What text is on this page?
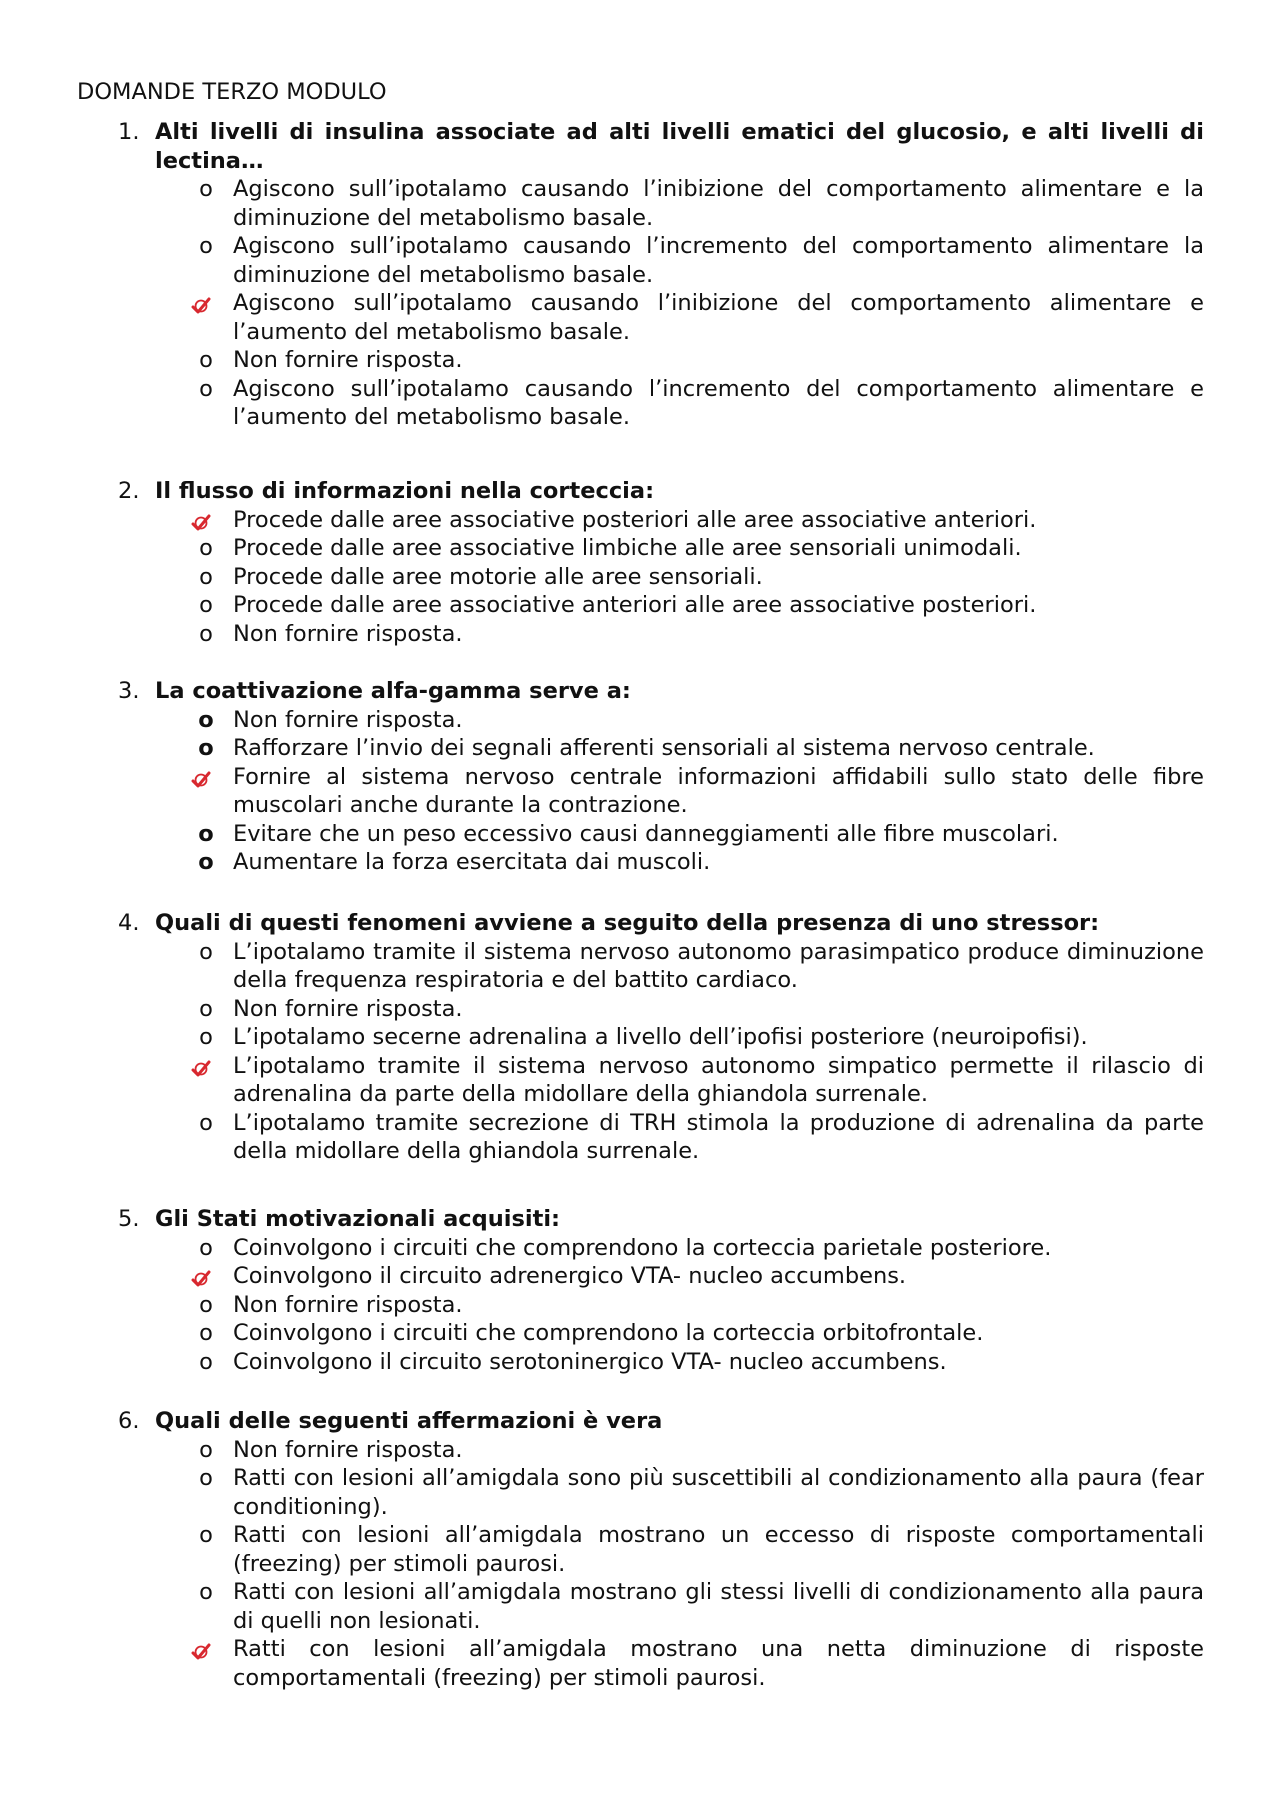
DOMANDE TERZO MODULO
1. Alti livelli di insulina associate ad alti livelli ematici del glucosio, e alti livelli di lectina…
o Agiscono sull’ipotalamo causando l’inibizione del comportamento alimentare e la diminuzione del metabolismo basale.
o Agiscono sull’ipotalamo causando l’incremento del comportamento alimentare la diminuzione del metabolismo basale.
Agiscono sull’ipotalamo causando l’inibizione del comportamento alimentare e l’aumento del metabolismo basale.
o Non fornire risposta.
o Agiscono sull’ipotalamo causando l’incremento del comportamento alimentare e l’aumento del metabolismo basale.
2. Il flusso di informazioni nella corteccia:
Procede dalle aree associative posteriori alle aree associative anteriori.
o Procede dalle aree associative limbiche alle aree sensoriali unimodali.
o Procede dalle aree motorie alle aree sensoriali.
o Procede dalle aree associative anteriori alle aree associative posteriori.
o Non fornire risposta.
3. La coattivazione alfa-gamma serve a:
o Non fornire risposta.
o Rafforzare l’invio dei segnali afferenti sensoriali al sistema nervoso centrale.
Fornire al sistema nervoso centrale informazioni affidabili sullo stato delle fibre muscolari anche durante la contrazione.
o Evitare che un peso eccessivo causi danneggiamenti alle fibre muscolari.
o Aumentare la forza esercitata dai muscoli.
4. Quali di questi fenomeni avviene a seguito della presenza di uno stressor:
o L’ipotalamo tramite il sistema nervoso autonomo parasimpatico produce diminuzione della frequenza respiratoria e del battito cardiaco.
o Non fornire risposta.
o L’ipotalamo secerne adrenalina a livello dell’ipofisi posteriore (neuroipofisi).
L’ipotalamo tramite il sistema nervoso autonomo simpatico permette il rilascio di adrenalina da parte della midollare della ghiandola surrenale.
o L’ipotalamo tramite secrezione di TRH stimola la produzione di adrenalina da parte della midollare della ghiandola surrenale.
5. Gli Stati motivazionali acquisiti:
o Coinvolgono i circuiti che comprendono la corteccia parietale posteriore.
Coinvolgono il circuito adrenergico VTA- nucleo accumbens.
o Non fornire risposta.
o Coinvolgono i circuiti che comprendono la corteccia orbitofrontale.
o Coinvolgono il circuito serotoninergico VTA- nucleo accumbens.
6. Quali delle seguenti affermazioni è vera
o Non fornire risposta.
o Ratti con lesioni all’amigdala sono più suscettibili al condizionamento alla paura (fear conditioning).
o Ratti con lesioni all’amigdala mostrano un eccesso di risposte comportamentali (freezing) per stimoli paurosi.
o Ratti con lesioni all’amigdala mostrano gli stessi livelli di condizionamento alla paura di quelli non lesionati.
Ratti con lesioni all’amigdala mostrano una netta diminuzione di risposte comportamentali (freezing) per stimoli paurosi.
